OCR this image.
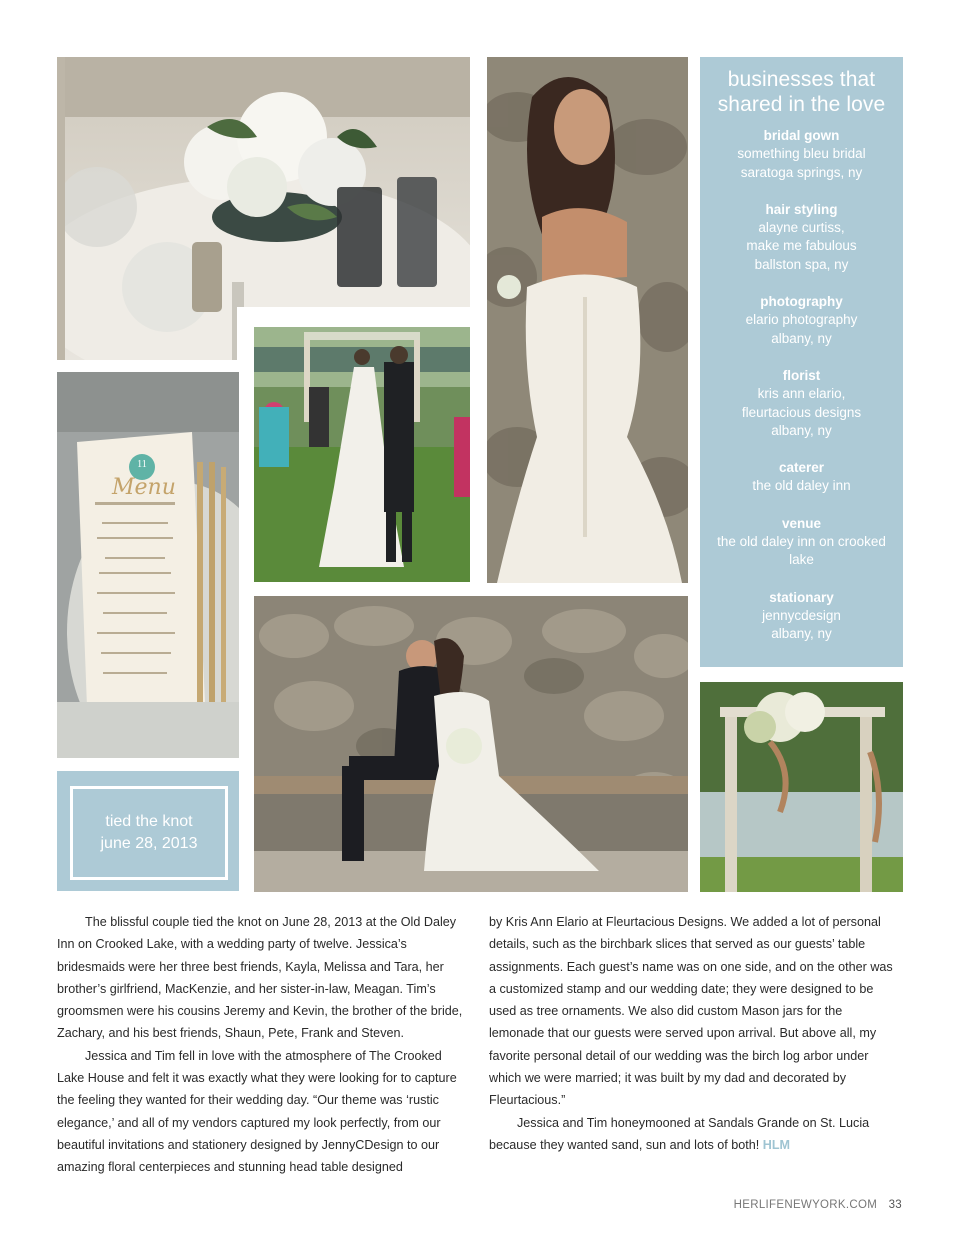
11
Menu
businesses that
shared in the love
bridal gown
something bleu bridal
saratoga springs, ny
hair styling
alayne curtiss,
make me fabulous
ballston spa, ny
photography
elario photography
albany, ny
florist
kris ann elario,
fleurtacious designs
albany, ny
caterer
the old daley inn
venue
the old daley inn on crooked
lake
stationary
jennycdesign
albany, ny
tied the knot
june 28, 2013

The blissful couple tied the knot on June 28, 2013 at the Old Daley Inn on Crooked Lake, with a wedding party of twelve. Jessica’s bridesmaids were her three best friends, Kayla, Melissa and Tara, her brother’s girlfriend, MacKenzie, and her sister-in-law, Meagan. Tim’s groomsmen were his cousins Jeremy and Kevin, the brother of the bride, Zachary, and his best friends, Shaun, Pete, Frank and Steven.

Jessica and Tim fell in love with the atmosphere of The Crooked Lake House and felt it was exactly what they were looking for to capture the feeling they wanted for their wedding day. “Our theme was ‘rustic elegance,’ and all of my vendors captured my look perfectly, from our beautiful invitations and stationery designed by JennyCDesign to our amazing floral centerpieces and stunning head table designed

by Kris Ann Elario at Fleurtacious Designs. We added a lot of personal details, such as the birchbark slices that served as our guests’ table assignments. Each guest’s name was on one side, and on the other was a customized stamp and our wedding date; they were designed to be used as tree ornaments. We also did custom Mason jars for the lemonade that our guests were served upon arrival. But above all, my favorite personal detail of our wedding was the birch log arbor under which we were married; it was built by my dad and decorated by Fleurtacious.”

Jessica and Tim honeymooned at Sandals Grande on St. Lucia because they wanted sand, sun and lots of both! HLM

HERLIFENEWYORK.COM 33
